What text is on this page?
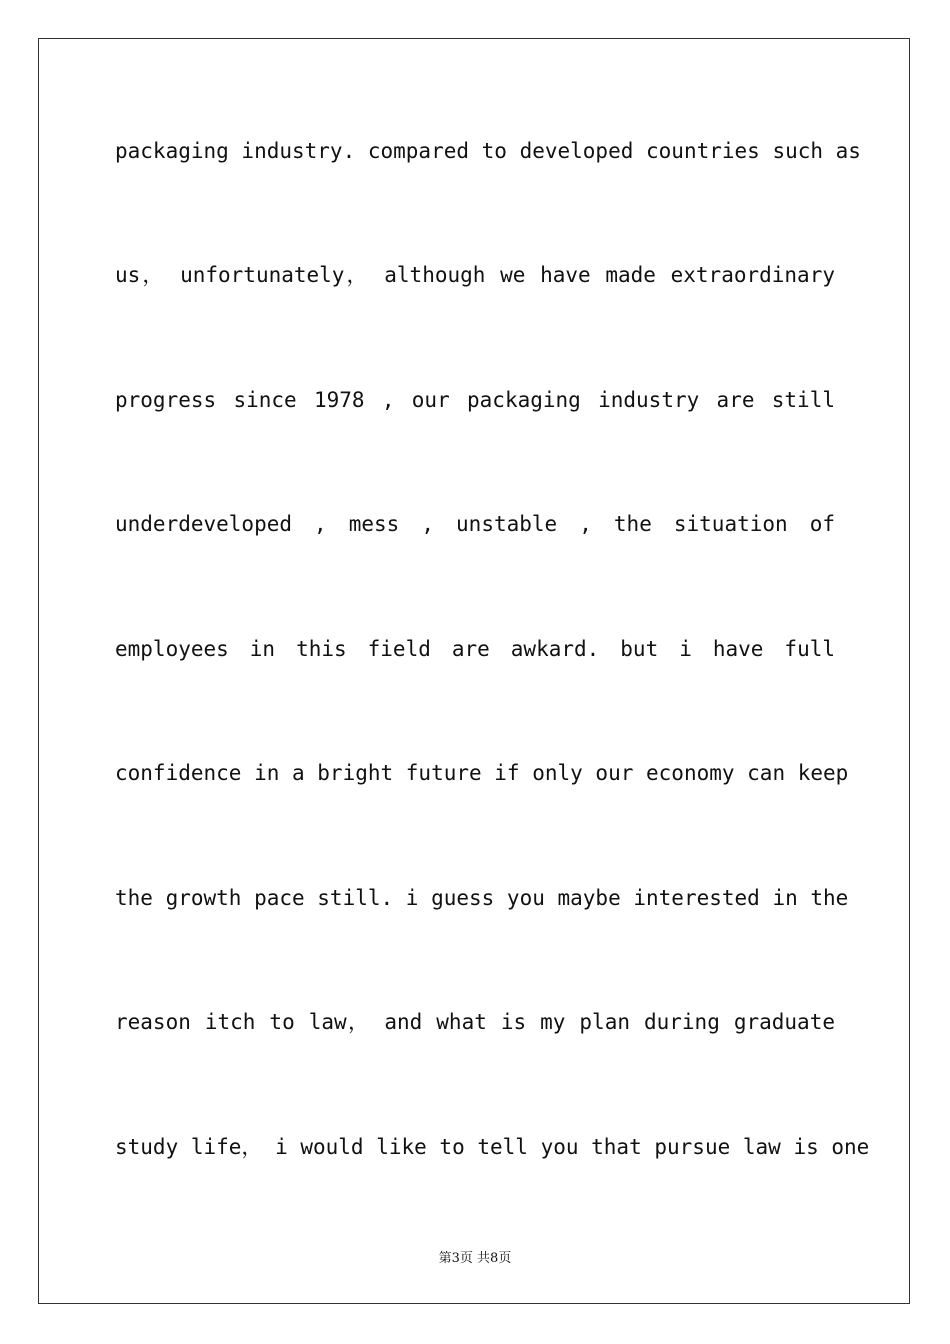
packaging industry. compared to developed countries such as
us， unfortunately， although we have made extraordinary
progress since 1978 , our packaging industry are still
underdeveloped , mess , unstable , the situation of
employees in this field are awkard. but i have full
confidence in a bright future if only our economy can keep
the growth pace still. i guess you maybe interested in the
reason itch to law， and what is my plan during graduate
study life， i would like to tell you that pursue law is one
第3页 共8页
